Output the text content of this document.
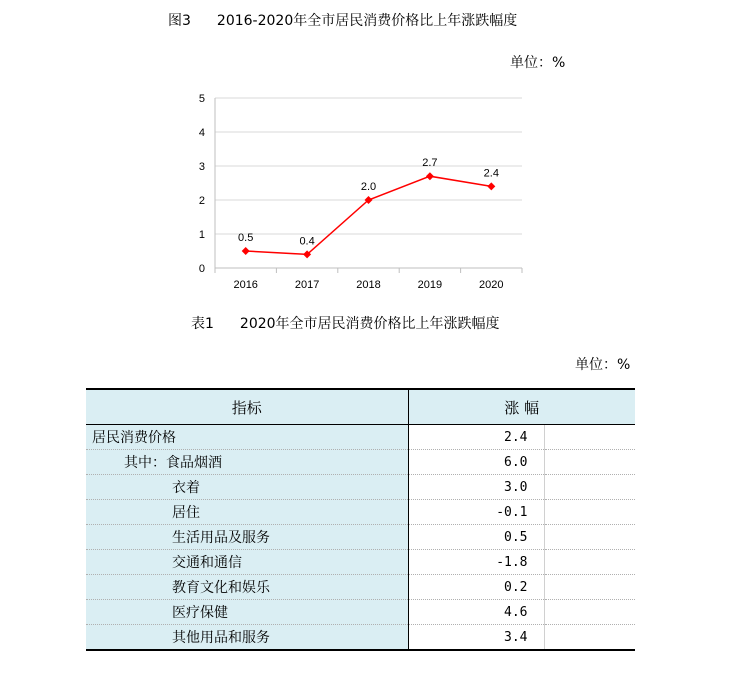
图3 2016-2020年全市居民消费价格比上年涨跌幅度
单位：%
0
1
2
3
4
5
2016	2017	2018	2019	2020
0.5	0.4
2.0
2.7
2.4
表1 2020年全市居民消费价格比上年涨跌幅度
单位：%
指标	涨 幅	
居民消费价格	2.4	
其中：食品烟酒	6.0	
衣着	3.0	
居住	-0.1	
生活用品及服务	0.5	
交通和通信	-1.8	
教育文化和娱乐	0.2	
医疗保健	4.6	
其他用品和服务	3.4	
